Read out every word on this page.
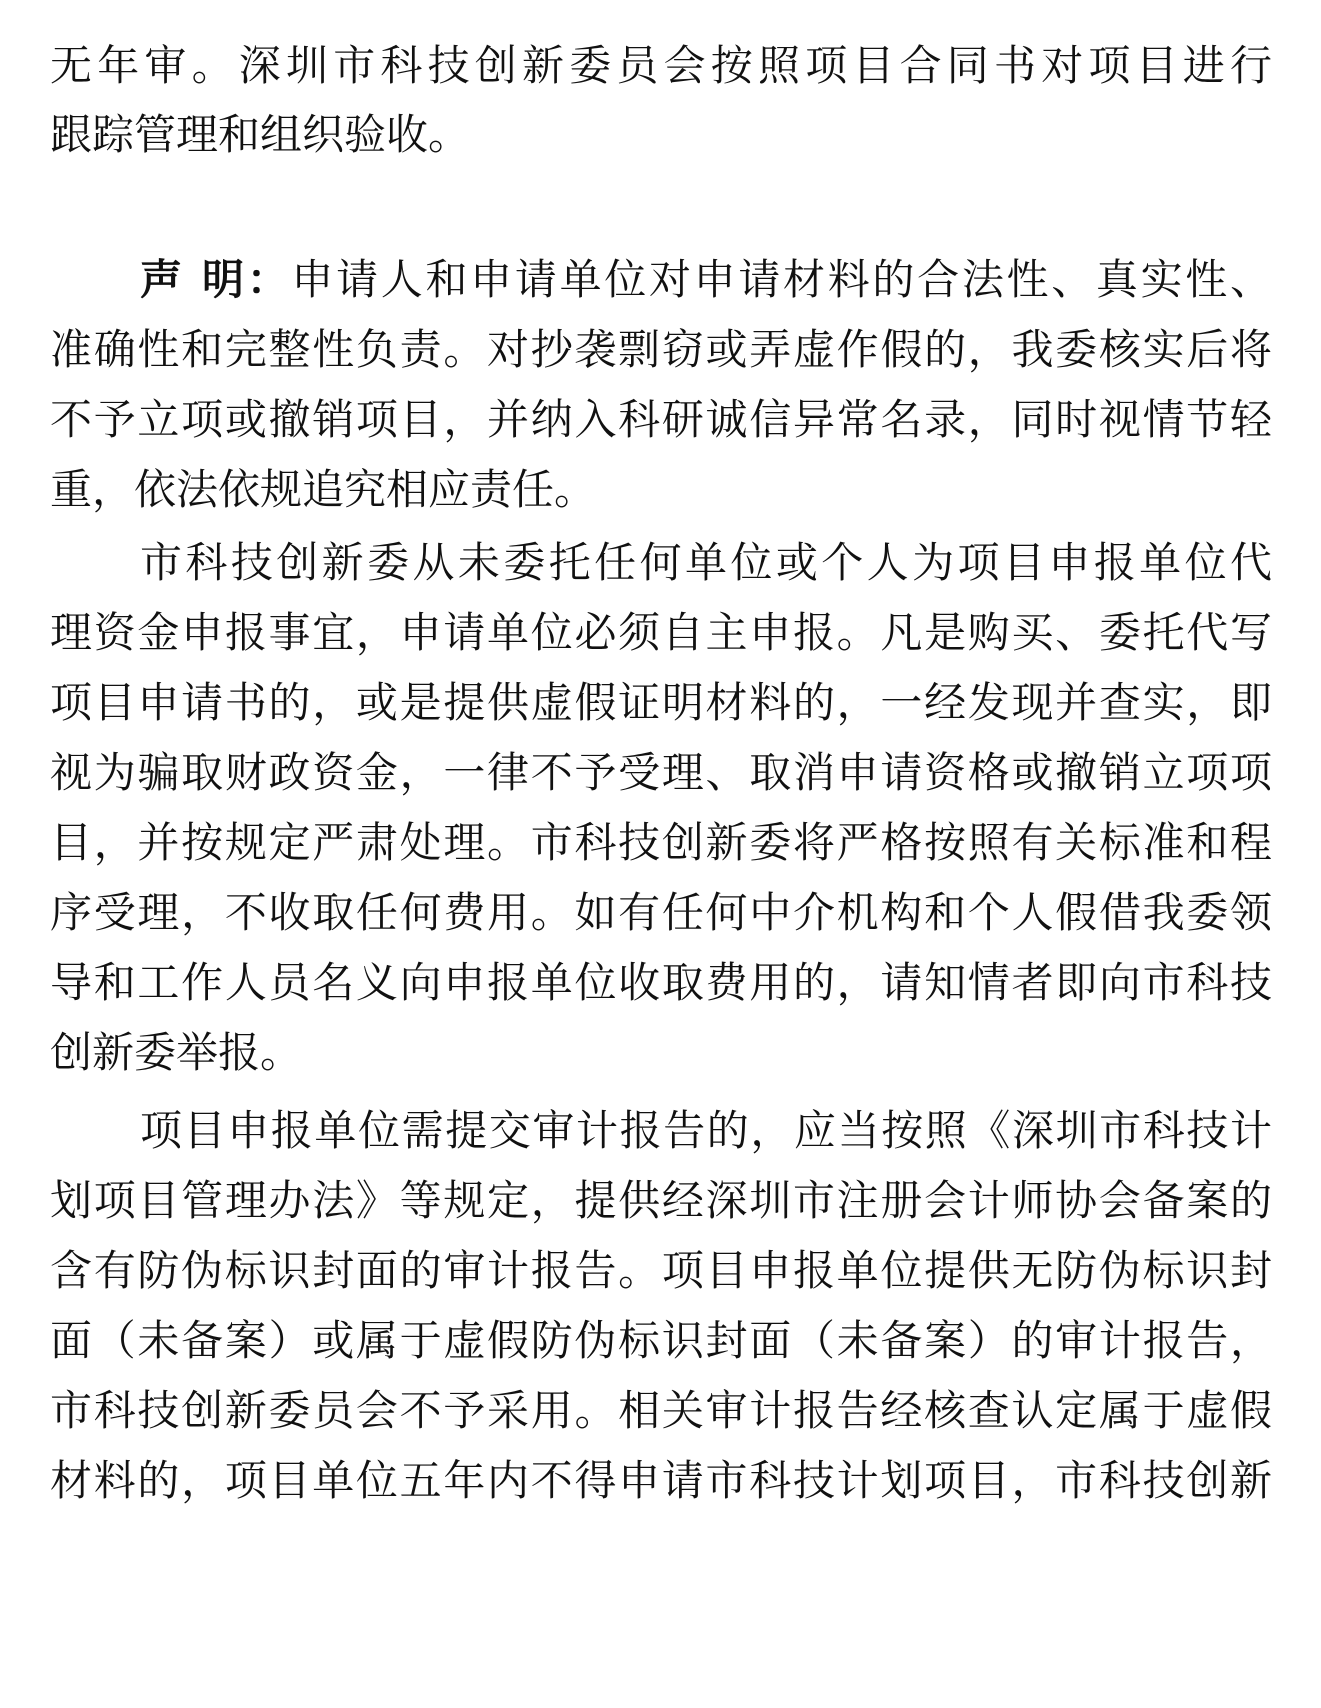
无年审。深圳市科技创新委员会按照项目合同书对项目进行
跟踪管理和组织验收。
声 明：申请人和申请单位对申请材料的合法性、真实性、
准确性和完整性负责。对抄袭剽窃或弄虚作假的，我委核实后将
不予立项或撤销项目，并纳入科研诚信异常名录，同时视情节轻
重，依法依规追究相应责任。
市科技创新委从未委托任何单位或个人为项目申报单位代
理资金申报事宜，申请单位必须自主申报。凡是购买、委托代写
项目申请书的，或是提供虚假证明材料的，一经发现并查实，即
视为骗取财政资金，一律不予受理、取消申请资格或撤销立项项
目，并按规定严肃处理。市科技创新委将严格按照有关标准和程
序受理，不收取任何费用。如有任何中介机构和个人假借我委领
导和工作人员名义向申报单位收取费用的，请知情者即向市科技
创新委举报。
项目申报单位需提交审计报告的，应当按照《深圳市科技计
划项目管理办法》等规定，提供经深圳市注册会计师协会备案的
含有防伪标识封面的审计报告。项目申报单位提供无防伪标识封
面（未备案）或属于虚假防伪标识封面（未备案）的审计报告，
市科技创新委员会不予采用。相关审计报告经核查认定属于虚假
材料的，项目单位五年内不得申请市科技计划项目，市科技创新
